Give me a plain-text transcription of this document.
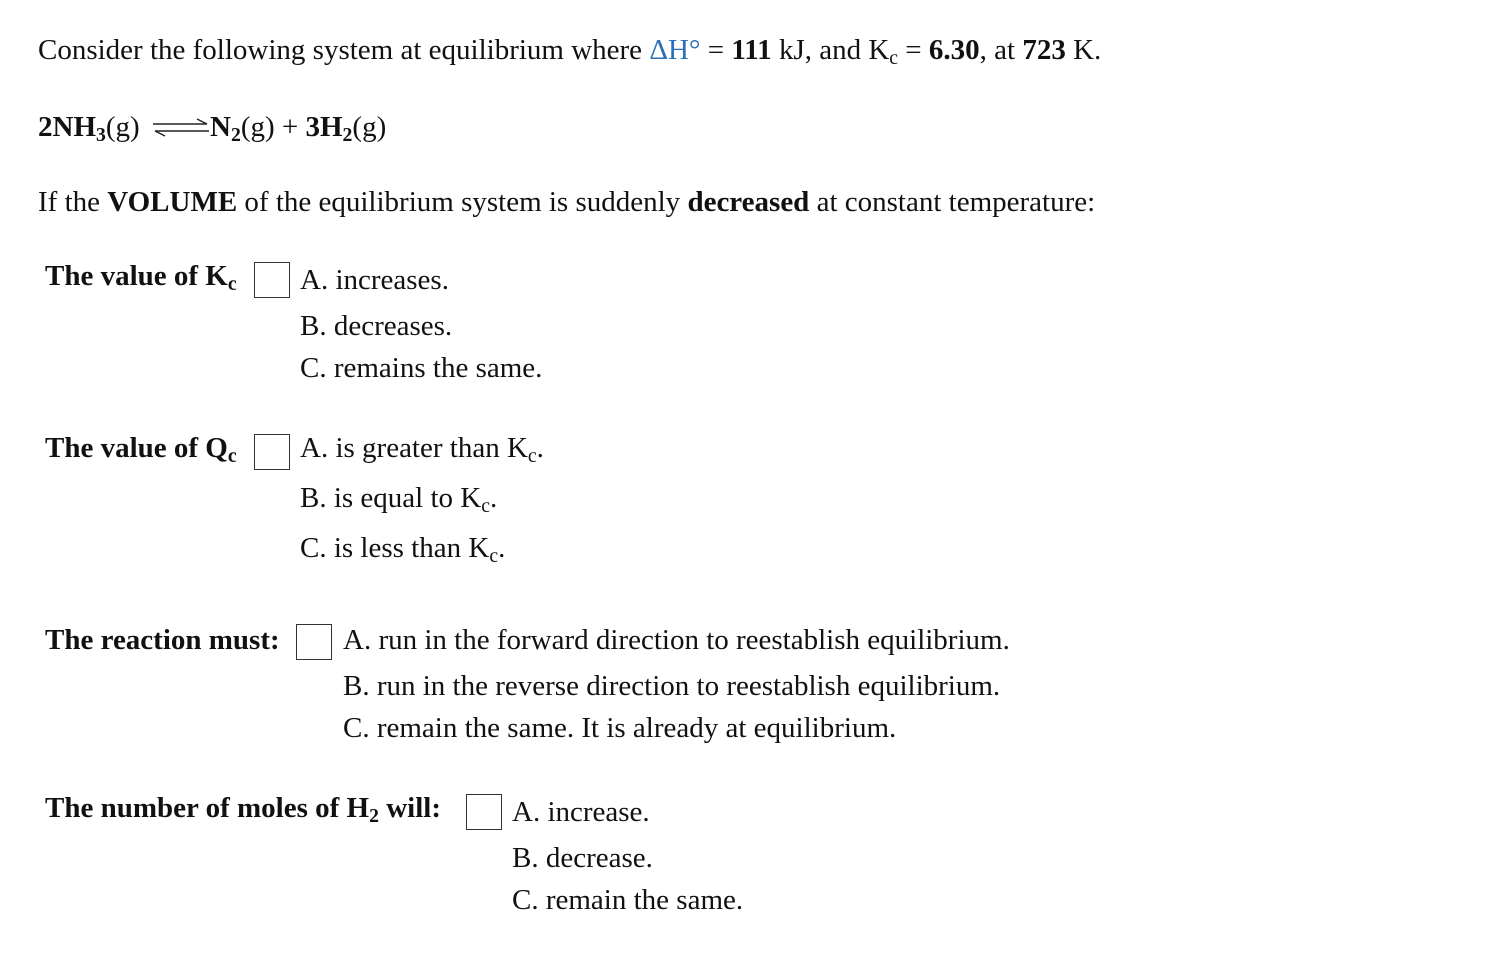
Consider the following system at equilibrium where ΔH° = 111 kJ, and $K_c = 6.30$, at 723 K.
$2NH_3(g)$ ⇌ $N_2(g) + 3H_2(g)$
If the VOLUME of the equilibrium system is suddenly decreased at constant temperature:
The value of $K_c$ A. increases.
B. decreases.
C. remains the same.
The value of $Q_c$ A. is greater than $K_c$.
B. is equal to $K_c$.
C. is less than $K_c$.
The reaction must: A. run in the forward direction to reestablish equilibrium.
B. run in the reverse direction to reestablish equilibrium.
C. remain the same. It is already at equilibrium.
The number of moles of $H_2$ will: A. increase.
B. decrease.
C. remain the same.
